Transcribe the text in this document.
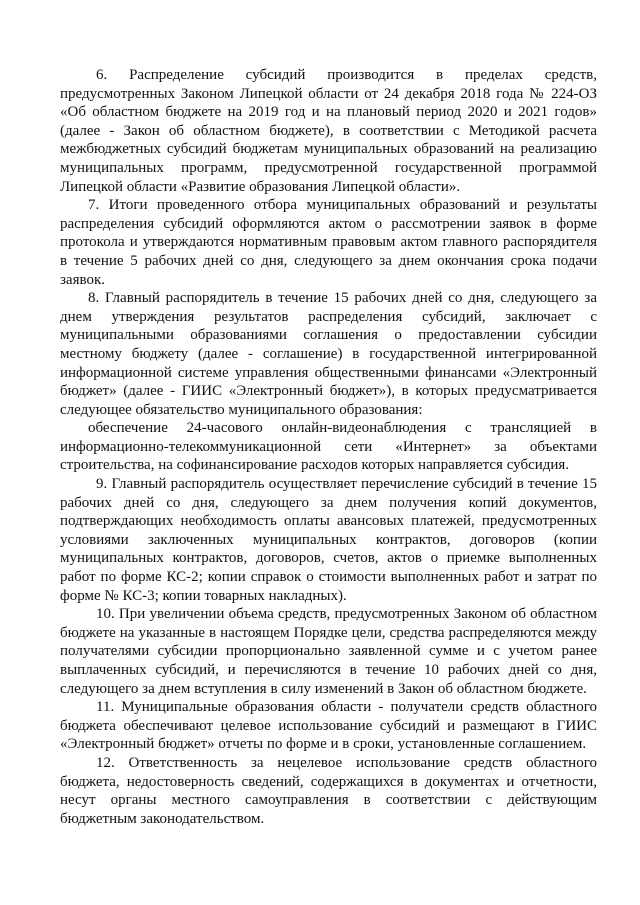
6. Распределение субсидий производится в пределах средств, предусмотренных Законом Липецкой области от 24 декабря 2018 года № 224-ОЗ «Об областном бюджете на 2019 год и на плановый период 2020 и 2021 годов» (далее - Закон об областном бюджете), в соответствии с Методикой расчета межбюджетных субсидий бюджетам муниципальных образований на реализацию муниципальных программ, предусмотренной государственной программой Липецкой области «Развитие образования Липецкой области».

7. Итоги проведенного отбора муниципальных образований и результаты распределения субсидий оформляются актом о рассмотрении заявок в форме протокола и утверждаются нормативным правовым актом главного распорядителя в течение 5 рабочих дней со дня, следующего за днем окончания срока подачи заявок.

8. Главный распорядитель в течение 15 рабочих дней со дня, следующего за днем утверждения результатов распределения субсидий, заключает с муниципальными образованиями соглашения о предоставлении субсидии местному бюджету (далее - соглашение) в государственной интегрированной информационной системе управления общественными финансами «Электронный бюджет» (далее - ГИИС «Электронный бюджет»), в которых предусматривается следующее обязательство муниципального образования:

обеспечение 24-часового онлайн-видеонаблюдения с трансляцией в информационно-телекоммуникационной сети «Интернет» за объектами строительства, на софинансирование расходов которых направляется субсидия.

9. Главный распорядитель осуществляет перечисление субсидий в течение 15 рабочих дней со дня, следующего за днем получения копий документов, подтверждающих необходимость оплаты авансовых платежей, предусмотренных условиями заключенных муниципальных контрактов, договоров (копии муниципальных контрактов, договоров, счетов, актов о приемке выполненных работ по форме КС-2; копии справок о стоимости выполненных работ и затрат по форме № КС-3; копии товарных накладных).

10. При увеличении объема средств, предусмотренных Законом об областном бюджете на указанные в настоящем Порядке цели, средства распределяются между получателями субсидии пропорционально заявленной сумме и с учетом ранее выплаченных субсидий, и перечисляются в течение 10 рабочих дней со дня, следующего за днем вступления в силу изменений в Закон об областном бюджете.

11. Муниципальные образования области - получатели средств областного бюджета обеспечивают целевое использование субсидий и размещают в ГИИС «Электронный бюджет» отчеты по форме и в сроки, установленные соглашением.

12. Ответственность за нецелевое использование средств областного бюджета, недостоверность сведений, содержащихся в документах и отчетности, несут органы местного самоуправления в соответствии с действующим бюджетным законодательством.
